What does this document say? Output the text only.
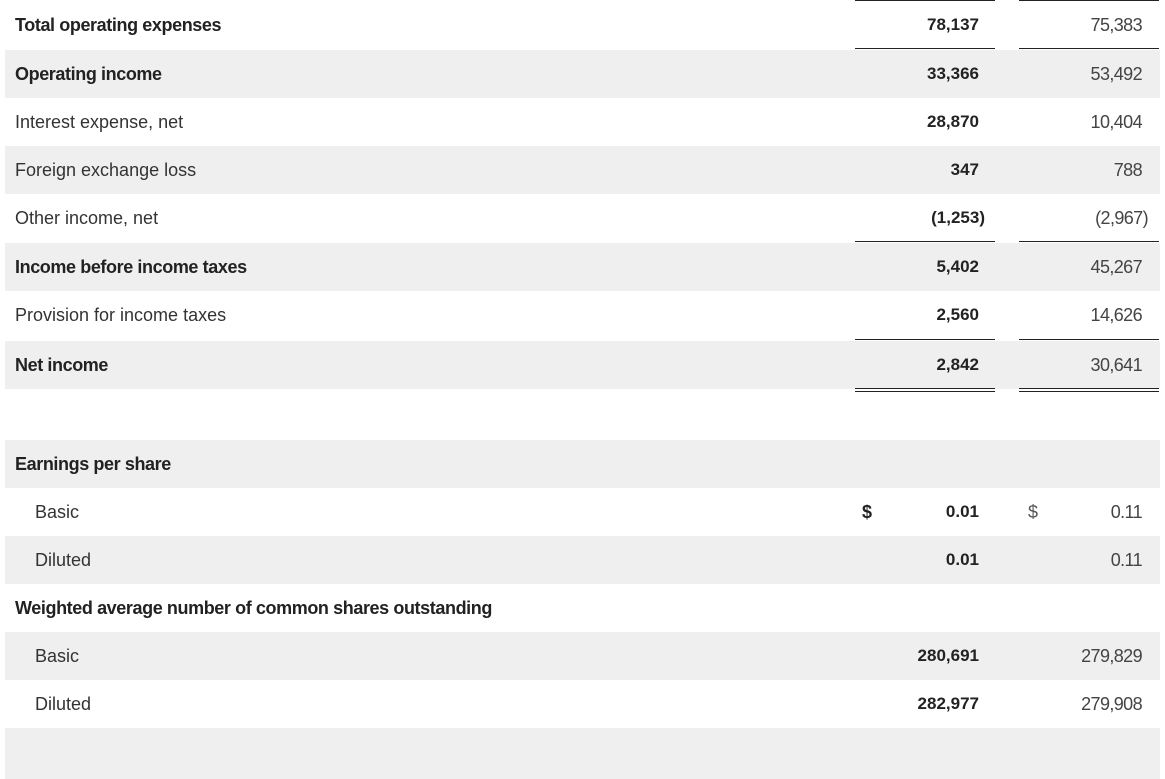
Total operating expenses	78,137	75,383
Operating income	33,366	53,492
Interest expense, net	28,870	10,404
Foreign exchange loss	347	788
Other income, net	(1,253)	(2,967)
Income before income taxes	5,402	45,267
Provision for income taxes	2,560	14,626
Net income	2,842	30,641
Earnings per share
Basic	$	0.01	$	0.11
Diluted	0.01	0.11
Weighted average number of common shares outstanding
Basic	280,691	279,829
Diluted	282,977	279,908
